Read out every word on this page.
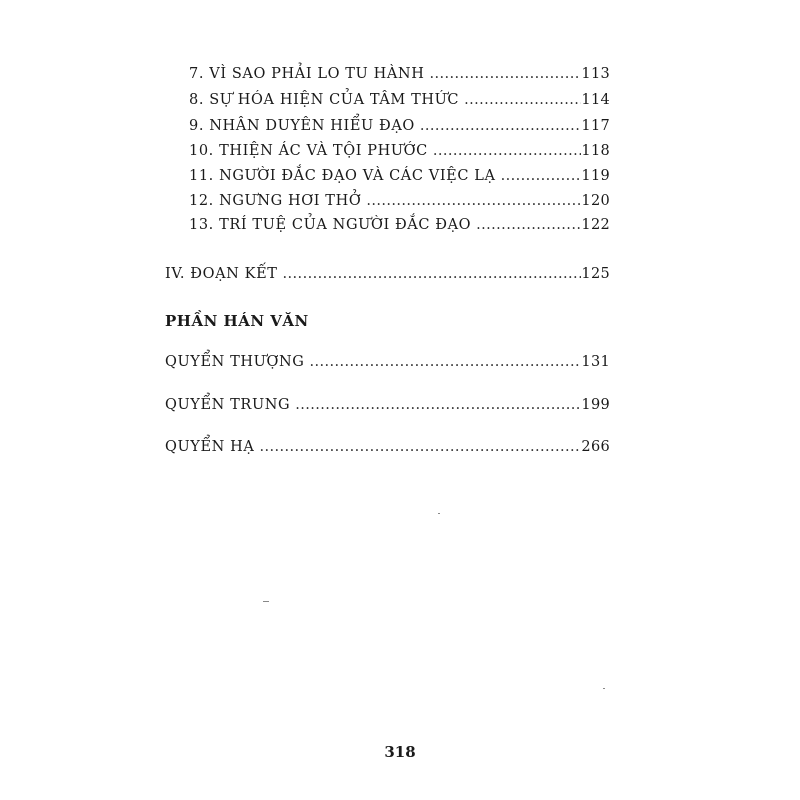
7. VÌ SAO PHẢI LO TU HÀNH .....	113
8. SỰ HÓA HIỆN CỦA TÂM THỨC .....	114
9. NHÂN DUYÊN HIỂU ĐẠO .....	117
10. THIỆN ÁC VÀ TỘI PHƯỚC .....	118
11. NGƯỜI ĐẮC ĐẠO VÀ CÁC VIỆC LẠ .....	119
12. NGƯNG HƠI THỞ .....	120
13. TRÍ TUỆ CỦA NGƯỜI ĐẮC ĐẠO .....	122
IV. ĐOẠN KẾT .....	125
PHẦN HÁN VĂN
QUYỂN THƯỢNG .....	131
QUYỂN TRUNG .....	199
QUYỂN HẠ .....	266
318
